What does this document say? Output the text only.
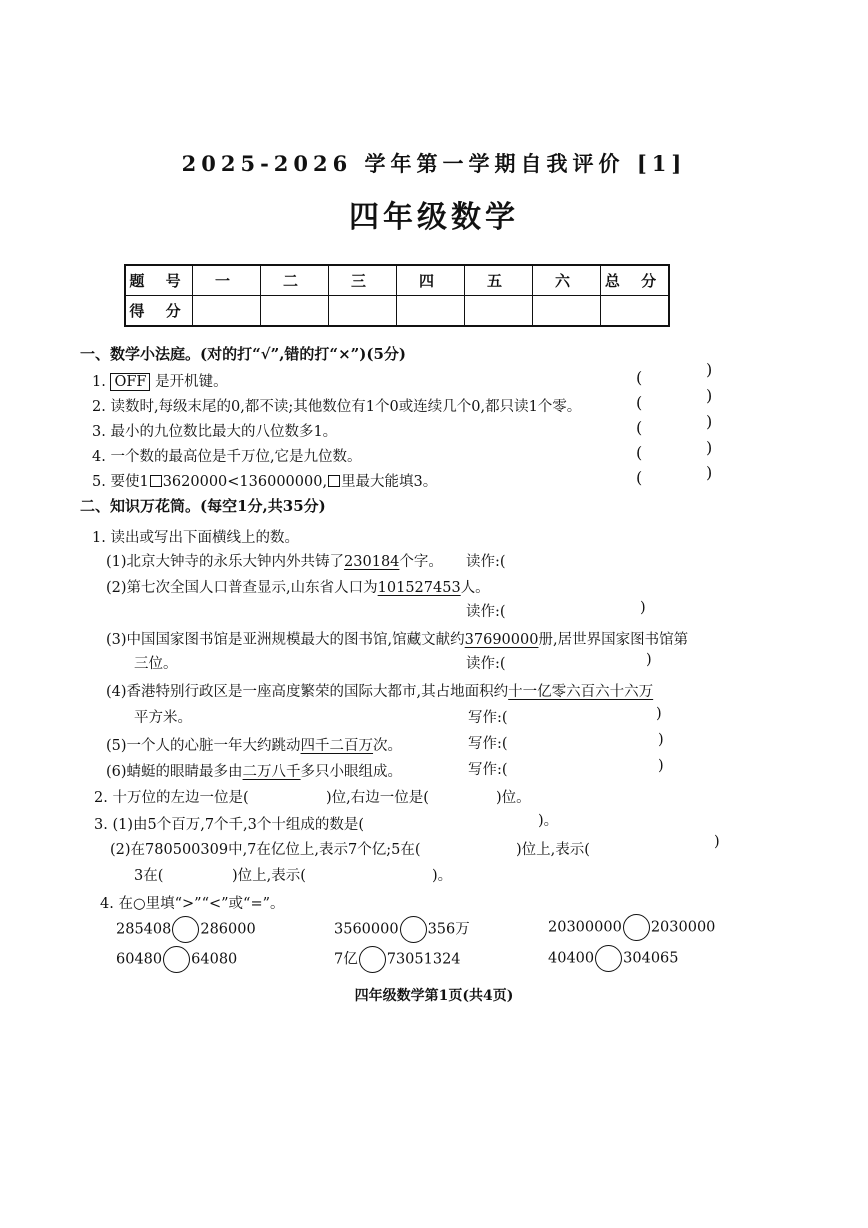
2025-2026 学年第一学期自我评价 [1]
四年级数学
题 号	一	二	三	四	五	六	总 分
得 分							
一、数学小法庭。(对的打“√”,错的打“×”)(5分)
1. OFF 是开机键。
2. 读数时,每级末尾的0,都不读;其他数位有1个0或连续几个0,都只读1个零。
3. 最小的九位数比最大的八位数多1。
4. 一个数的最高位是千万位,它是九位数。
5. 要使1 3620000<136000000, 里最大能填3。
(	)
(	)
(	)
(	)
(	)
二、知识万花筒。(每空1分,共35分)
1. 读出或写出下面横线上的数。
(1)北京大钟寺的永乐大钟内外共铸了230184个字。 读作:(
(2)第七次全国人口普查显示,山东省人口为101527453人。
读作:(	)
(3)中国国家图书馆是亚洲规模最大的图书馆,馆藏文献约37690000册,居世界国家图书馆第
三位。	读作:(	)
(4)香港特别行政区是一座高度繁荣的国际大都市,其占地面积约十一亿零六百六十六万
平方米。	写作:(	)
(5)一个人的心脏一年大约跳动四千二百万次。	写作:(	)
(6)蜻蜓的眼睛最多由二万八千多只小眼组成。	写作:(	)
2. 十万位的左边一位是(	)位,右边一位是(	)位。
3. (1)由5个百万,7个千,3个十组成的数是(	)。
(2)在780500309中,7在亿位上,表示7个亿;5在(	)位上,表示(	)
3在(	)位上,表示(	)。
4. 在○里填“>”“<”或“=”。
285408 286000	3560000 356万	20300000 2030000
60480 64080	7亿 73051324	40400 304065
四年级数学第1页(共4页)
